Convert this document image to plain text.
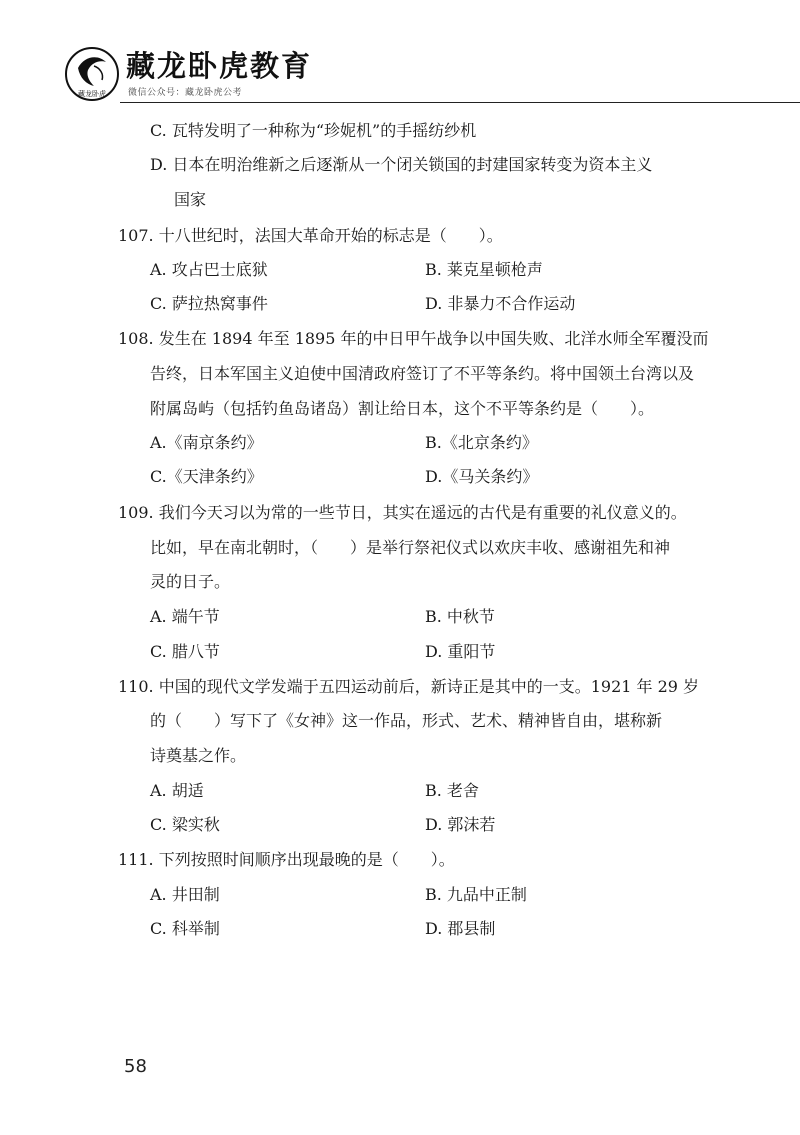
藏龙卧虎
藏龙卧虎教育
微信公众号：藏龙卧虎公考
C. 瓦特发明了一种称为“珍妮机”的手摇纺纱机
D. 日本在明治维新之后逐渐从一个闭关锁国的封建国家转变为资本主义
国家
107. 十八世纪时，法国大革命开始的标志是（　　）。
A. 攻占巴士底狱	B. 莱克星顿枪声
C. 萨拉热窝事件	D. 非暴力不合作运动
108. 发生在 1894 年至 1895 年的中日甲午战争以中国失败、北洋水师全军覆没而
告终，日本军国主义迫使中国清政府签订了不平等条约。将中国领土台湾以及
附属岛屿（包括钓鱼岛诸岛）割让给日本，这个不平等条约是（　　）。
A.《南京条约》	B.《北京条约》
C.《天津条约》	D.《马关条约》
109. 我们今天习以为常的一些节日，其实在遥远的古代是有重要的礼仪意义的。
比如，早在南北朝时，（　　）是举行祭祀仪式以欢庆丰收、感谢祖先和神
灵的日子。
A. 端午节	B. 中秋节
C. 腊八节	D. 重阳节
110. 中国的现代文学发端于五四运动前后，新诗正是其中的一支。1921 年 29 岁
的（　　）写下了《女神》这一作品，形式、艺术、精神皆自由，堪称新
诗奠基之作。
A. 胡适	B. 老舍
C. 梁实秋	D. 郭沫若
111. 下列按照时间顺序出现最晚的是（　　）。
A. 井田制	B. 九品中正制
C. 科举制	D. 郡县制
58
